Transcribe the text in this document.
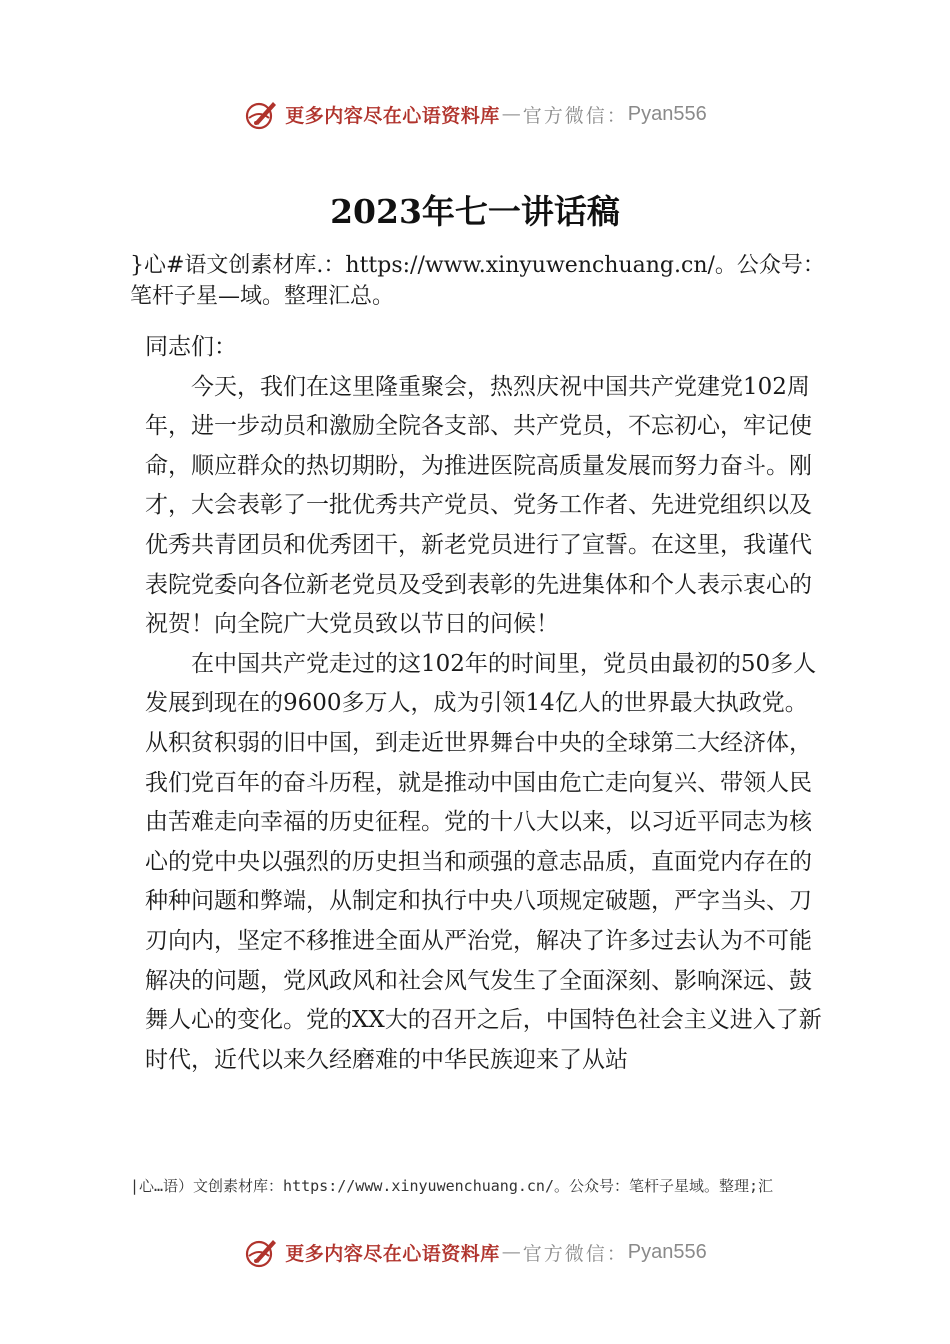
更多内容尽在心语资料库 — 官方微信： Pyan556
2023年七一讲话稿
}心#语文创素材库.：https://www.xinyuwenchuang.cn/。公众号：笔杆子星—域。整理汇总。

同志们：

今天，我们在这里隆重聚会，热烈庆祝中国共产党建党102周年，进一步动员和激励全院各支部、共产党员，不忘初心，牢记使命，顺应群众的热切期盼，为推进医院高质量发展而努力奋斗。刚才，大会表彰了一批优秀共产党员、党务工作者、先进党组织以及优秀共青团员和优秀团干，新老党员进行了宣誓。在这里，我谨代表院党委向各位新老党员及受到表彰的先进集体和个人表示衷心的祝贺！向全院广大党员致以节日的问候！

在中国共产党走过的这102年的时间里，党员由最初的50多人发展到现在的9600多万人，成为引领14亿人的世界最大执政党。从积贫积弱的旧中国，到走近世界舞台中央的全球第二大经济体，我们党百年的奋斗历程，就是推动中国由危亡走向复兴、带领人民由苦难走向幸福的历史征程。党的十八大以来，以习近平同志为核心的党中央以强烈的历史担当和顽强的意志品质，直面党内存在的种种问题和弊端，从制定和执行中央八项规定破题，严字当头、刀刃向内，坚定不移推进全面从严治党，解决了许多过去认为不可能解决的问题，党风政风和社会风气发生了全面深刻、影响深远、鼓舞人心的变化。党的XX大的召开之后，中国特色社会主义进入了新时代，近代以来久经磨难的中华民族迎来了从站

|心…语）文创素材库：https://www.xinyuwenchuang.cn/。公众号：笔杆子星域。整理;汇
更多内容尽在心语资料库 — 官方微信： Pyan556
